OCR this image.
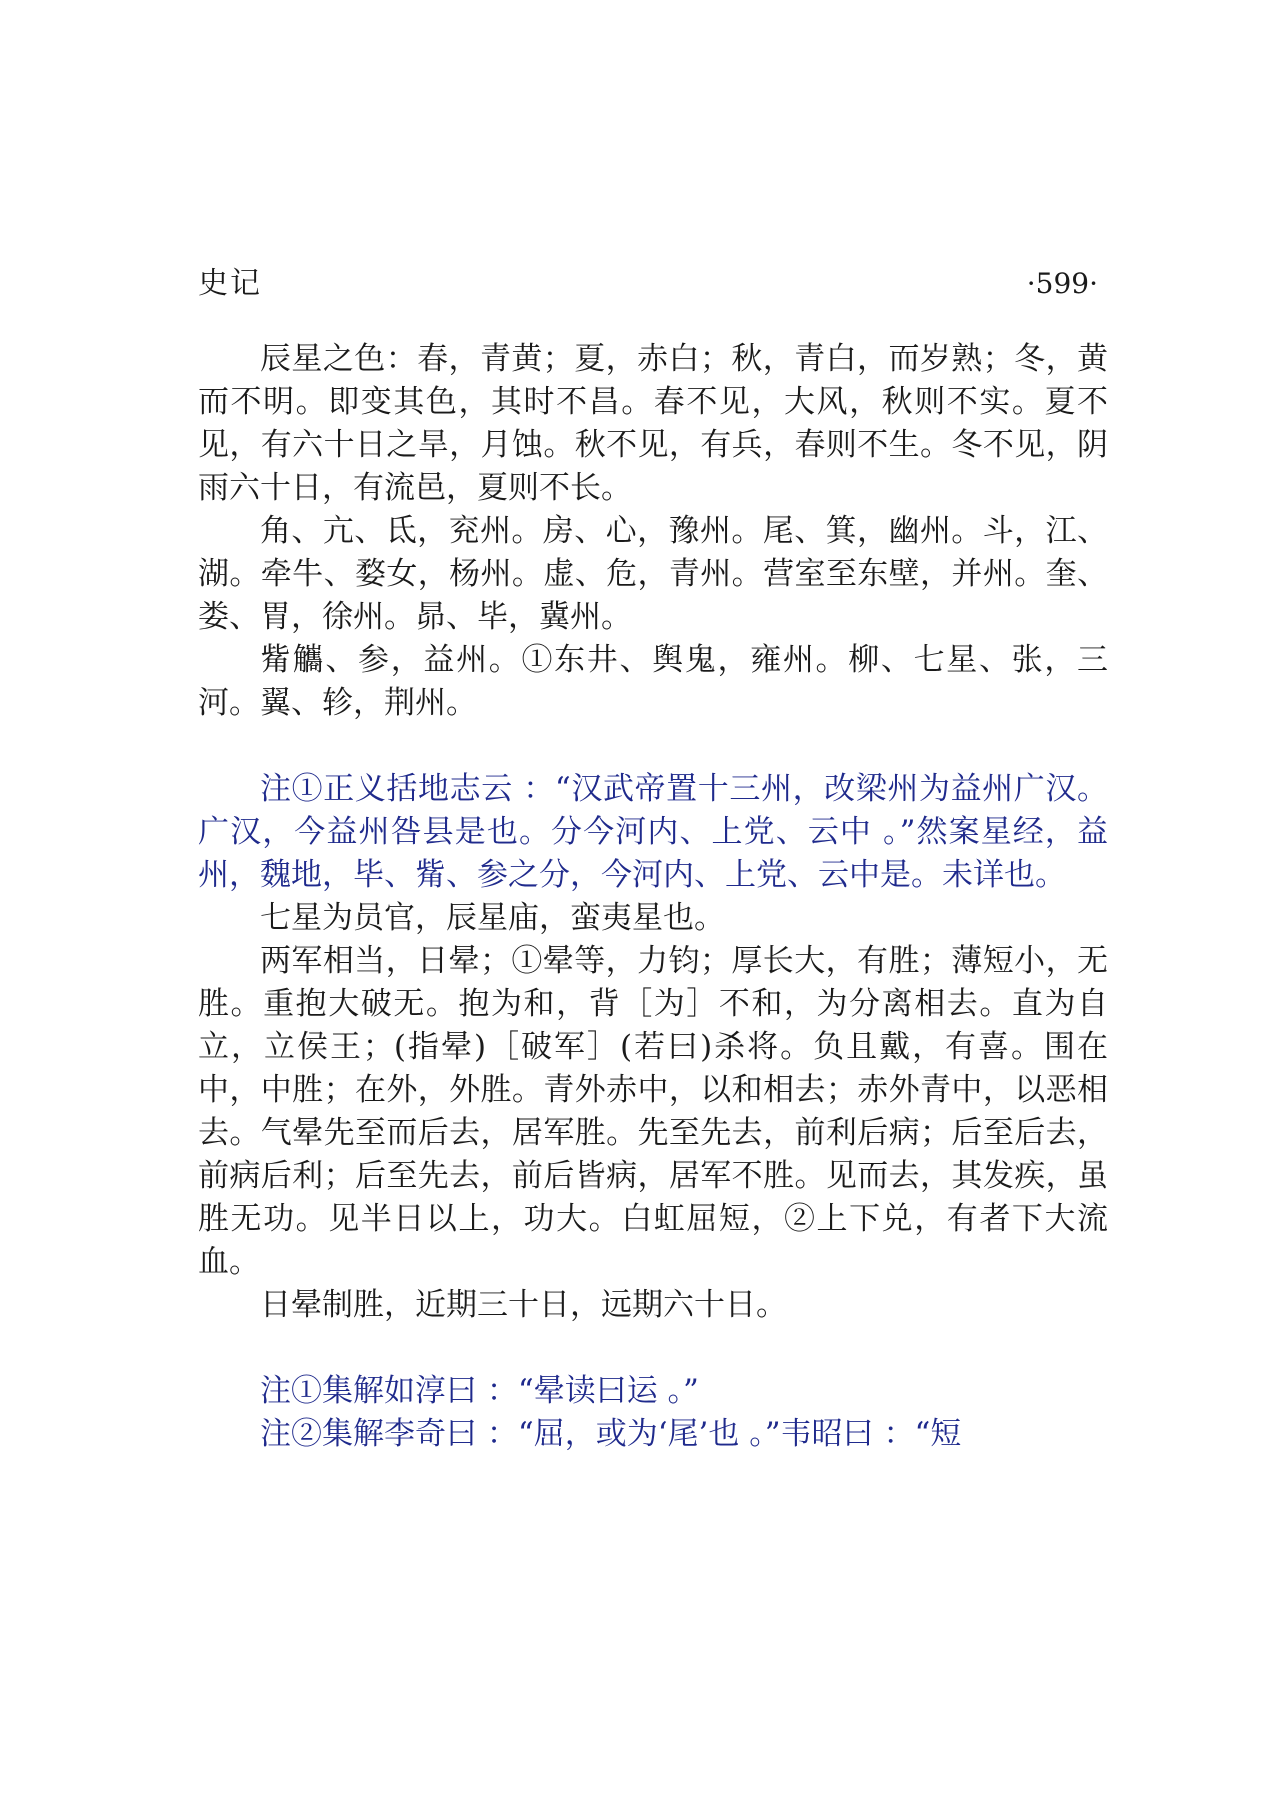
史记	·599·

辰星之色：春，青黄；夏，赤白；秋，青白，而岁熟；冬，黄而不明。即变其色，其时不昌。春不见，大风，秋则不实。夏不见，有六十日之旱，月蚀。秋不见，有兵，春则不生。冬不见，阴雨六十日，有流邑，夏则不长。

角、亢、氐，兖州。房、心，豫州。尾、箕，幽州。斗，江、湖。牵牛、婺女，杨州。虚、危，青州。营室至东壁，并州。奎、娄、胃，徐州。昴、毕，冀州。

觜觿、参，益州。①东井、舆鬼，雍州。柳、七星、张，三河。翼、轸，荆州。

注①正义括地志云 ：“汉武帝置十三州，改梁州为益州广汉。广汉，今益州咎县是也。分今河内、上党、云中 。”然案星经，益州，魏地，毕、觜、参之分，今河内、上党、云中是。未详也。

七星为员官，辰星庙，蛮夷星也。

两军相当，日晕；①晕等，力钧；厚长大，有胜；薄短小，无胜。重抱大破无。抱为和，背［为］不和，为分离相去。直为自立，立侯王；(指晕)［破军］(若曰)杀将。负且戴，有喜。围在中，中胜；在外，外胜。青外赤中，以和相去；赤外青中，以恶相去。气晕先至而后去，居军胜。先至先去，前利后病；后至后去，前病后利；后至先去，前后皆病，居军不胜。见而去，其发疾，虽胜无功。见半日以上，功大。白虹屈短，②上下兑，有者下大流血。

日晕制胜，近期三十日，远期六十日。

注①集解如淳曰 ：“晕读曰运 。”

注②集解李奇曰 ：“屈，或为‘尾’也 。”韦昭曰 ：“短
